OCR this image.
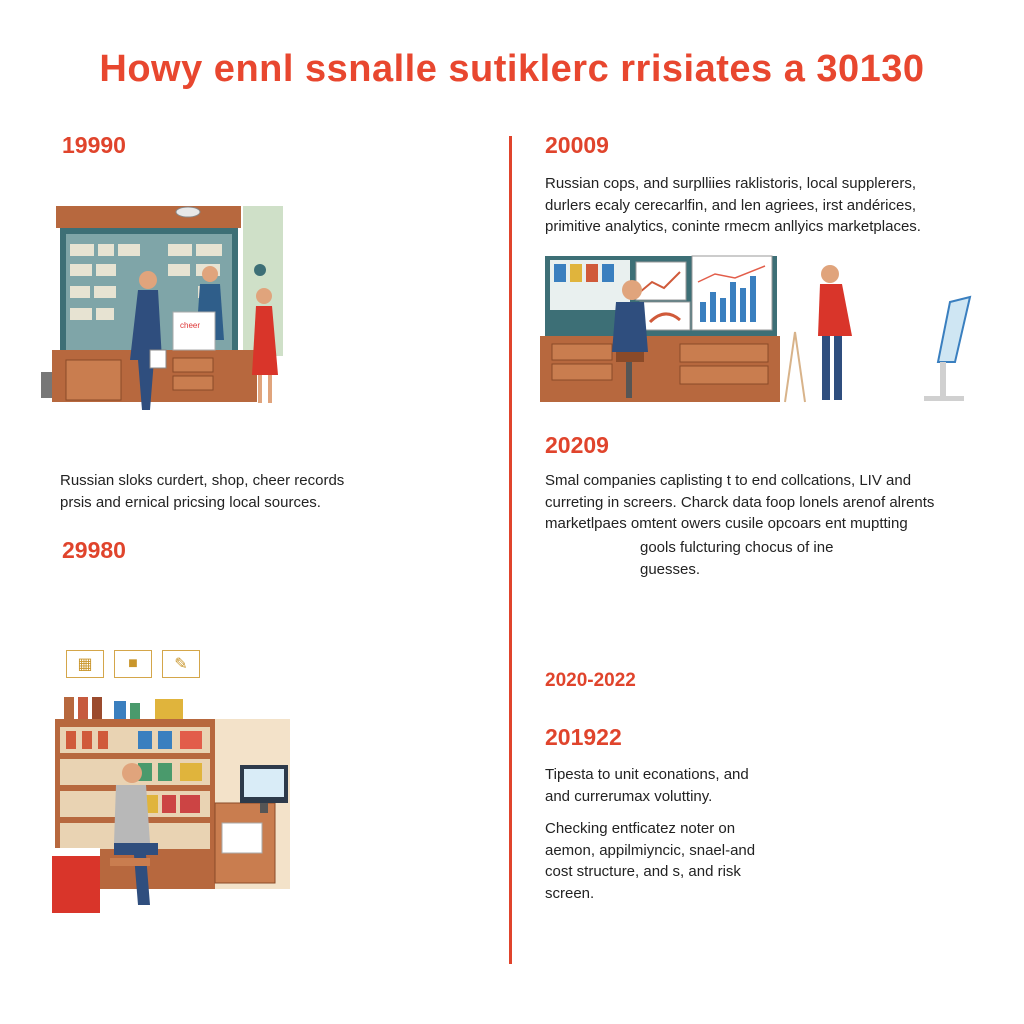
Howy ennl ssnalle sutiklerc rrisiates a 30130
19990
cheer
Russian sloks curdert, shop, cheer records
prsis and ernical pricsing local sources.
29980
▦	■	✎
20009
Russian cops, and surplliies raklistoris, local supplerers,
durlers ecaly cerecarlfin, and len agriees, irst andérices,
primitive analytics, coninte rmecm anllyics marketplaces.
20209
Smal companies caplisting t to end collcations, LIV and
curreting in screers. Charck data foop lonels arenof alrents
marketlpaes omtent owers cusile opcoars ent muptting
gools fulcturing chocus of ine
guesses.
2020-2022
201922
Tipesta to unit econations, and
and currerumax voluttiny.
Checking entficatez noter on
aemon, appilmiyncic, snael-and
cost structure, and s, and risk
screen.
